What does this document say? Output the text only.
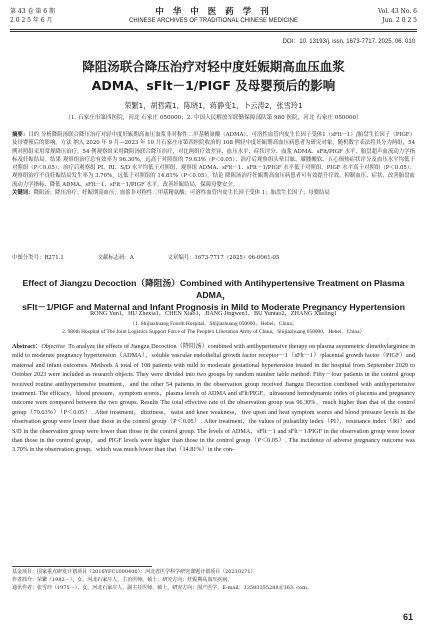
第 43 卷 第 6 期
2 0 2 5 年 6 月
中 华 中 医 药 学 刊
CHINESE ARCHIVES OF TRADITIONAL CHINESE MEDICINE
Vol. 43 No. 6
Jun. 2 0 2 5
DOI：10. 13193/j. issn. 1673-7717. 2025. 06. 010
降阻汤联合降压治疗对轻中度妊娠期高血压血浆
ADMA、sFlt－1/PIGF 及母婴预后的影响
荣繁1，胡哲霞1，陈晓1，蒋静变1，卜云涛2，张雪玲1
（1. 石家庄市第四医院，河北 石家庄 050000；2. 中国人民解放军联勤保障部队第 980 医院，河北 石家庄 050000）
摘要：目的 分析降阻汤联合降压治疗对轻中度妊娠期高血压血浆非对称性二甲基精氨酸（ADMA）、可溶性血管内皮生长因子受体1（sFlt－1）/胎盘生长因子（PIGF）及母婴预后的影响。方法 纳入 2020 年 9 月—2023 年 10 月石家庄市第四医院收治的 108 例轻中度妊娠期高血压病患者为研究对象，随机数字表法将其分为两组，54 例对照组采用常规降压治疗，54 例观察组采用降阻汤联合降压治疗，对比两组疗效差异、血压水平、症状评分、血浆 ADMA、sFlt/PIGF 水平、胎盘超声血流动力学指标及妊娠结局。结果 观察组治疗总有效率为 96.30%，远高于对照组的 79.63%（P＜0.05）；治疗后观察组头晕目眩、膝腰酸软、五心烦热症状评分及血压水平均低于对照组（P＜0.05）；治疗后观察组 PI、RI、S/D 水平均低于对照组，观察组 ADMA、sFlt－1、sFlt－1/PIGF 水平低于对照组，PIGF 水平高于对照组（P＜0.05）；观察组治疗不良妊娠结局发生率为 3.70%，远低于对照组的 14.81%（P＜0.05）。结论 降阻汤治疗妊娠期高血压病患者可有效提升疗效，抑制血压、症状，改善胎盘血流动力学指标，降低 ADMA、sFlt－1、sFlt－1/PIGF 水平，改善妊娠结局，保障母婴安全。
关键词：降阻汤；降压治疗；妊娠期高血压；血浆非对称性二甲基精氨酸；可溶性血管内皮生长因子受体 1；胎盘生长因子；母婴结局
中图分类号：R271.1	文献标志码：A	文章编号：1673-7717（2025）06-0061-05
Effect of Jiangzu Decoction（降阻汤）Combined with Antihypertensive Treatment on Plasma ADMA，
sFlt－1/PIGF and Maternal and Infant Prognosis in Mild to Moderate Pregnancy Hypertension
RONG Yun1，HU Zhexia1，CHEN Xiao1，JIANG Jingwen1，BU Yuntao2，ZHANG Xueling1
（1. Shijiazhuang Fourth Hospital，Shijiazhuang 050000，Hebei，China；
2. 980th Hospital of The Joint Logistics Support Force of The People's Liberation Army of China，Shijiazhuang 050000，Hebei，China）
Abstract：Objective To analyze the effects of Jiangzu Decoction（降阻汤）combined with antihypertensive therapy on plasma asymmetric dimethylarginine in mild to moderate pregnancy hypertension（ADMA），soluble vascular endothelial growth factor receptor－1（sFlt－1）/placental growth factor（PIGF）and maternal and infant outcomes. Methods A total of 108 patients with mild to moderate gestational hypertension treated in the hospital from September 2020 to October 2023 were included as research objects. They were divided into two groups by random number table method. Fifty－four patients in the control group received routine antihypertensive treatment，and the other 54 patients in the observation group received Jiangzu Decoction combined with antihypertensive treatment. The efficacy，blood pressure，symptom scores，plasma levels of ADMA and sFlt/PIGF，ultrasound hemodynamic index of placenta and pregnancy outcome were compared between the two groups. Results The total effective rate of the observation group was 96.30%，much higher than that of the control group（79.63%）（P＜0.05）. After treatment，dizziness，waist and knee weakness，five upset and heat symptom scores and blood pressure levels in the observation group were lower than those in the control group（P＜0.05）. After treatment，the values of pulsatility index（PI），resistance index（RI）and S/D in the observation group were lower than those in the control group. The levels of ADMA，sFlt－1 and sFlt－1/PIGF in the observation group were lower than those in the control group，and PIGF levels were higher than those in the control group（P＜0.05）. The incidence of adverse pregnancy outcome was 3.70% in the observation group，which was much lower than that（14.81%）in the con-
基金项目：国家重点研发计划项目（2016YFC1000406）；河北省医学科学研究课题计划项目（20210271）
作者简介：荣繁（1982－），女，河北石家庄人，主治医师，硕士，研究方向：妊娠期高血压疾病。
通讯作者：张雪玲（1975－），女，河北石家庄人，副主任医师，硕士，研究方向：围产医学。E-mail：13503355288＠163. com。
61
